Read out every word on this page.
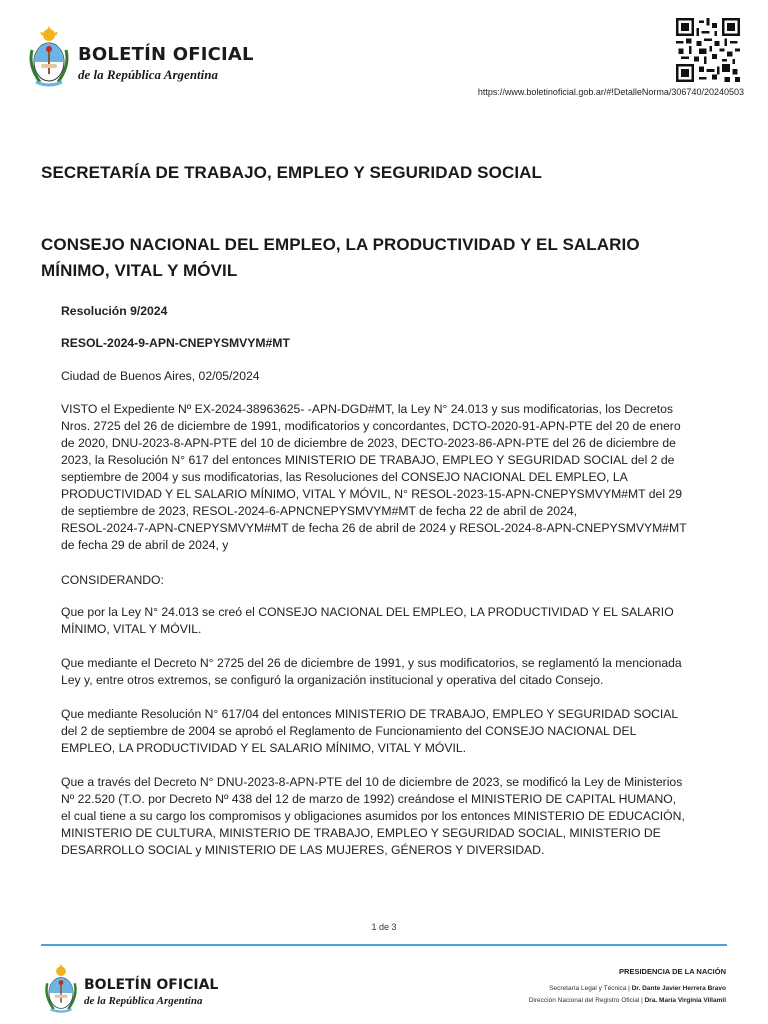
BOLETÍN OFICIAL
de la República Argentina
https://www.boletinoficial.gob.ar/#!DetalleNorma/306740/20240503
SECRETARÍA DE TRABAJO, EMPLEO Y SEGURIDAD SOCIAL
CONSEJO NACIONAL DEL EMPLEO, LA PRODUCTIVIDAD Y EL SALARIO
MÍNIMO, VITAL Y MÓVIL
Resolución 9/2024
RESOL-2024-9-APN-CNEPYSMVYM#MT
Ciudad de Buenos Aires, 02/05/2024
VISTO el Expediente Nº EX-2024-38963625- -APN-DGD#MT, la Ley N° 24.013 y sus modificatorias, los Decretos
Nros. 2725 del 26 de diciembre de 1991, modificatorios y concordantes, DCTO-2020-91-APN-PTE del 20 de enero
de 2020, DNU-2023-8-APN-PTE del 10 de diciembre de 2023, DECTO-2023-86-APN-PTE del 26 de diciembre de
2023, la Resolución N° 617 del entonces MINISTERIO DE TRABAJO, EMPLEO Y SEGURIDAD SOCIAL del 2 de
septiembre de 2004 y sus modificatorias, las Resoluciones del CONSEJO NACIONAL DEL EMPLEO, LA
PRODUCTIVIDAD Y EL SALARIO MÍNIMO, VITAL Y MÓVIL, N° RESOL-2023-15-APN-CNEPYSMVYM#MT del 29
de septiembre de 2023, RESOL-2024-6-APNCNEPYSMVYM#MT de fecha 22 de abril de 2024,
RESOL-2024-7-APN-CNEPYSMVYM#MT de fecha 26 de abril de 2024 y RESOL-2024-8-APN-CNEPYSMVYM#MT
de fecha 29 de abril de 2024, y
CONSIDERANDO:
Que por la Ley N° 24.013 se creó el CONSEJO NACIONAL DEL EMPLEO, LA PRODUCTIVIDAD Y EL SALARIO
MÍNIMO, VITAL Y MÓVIL.
Que mediante el Decreto N° 2725 del 26 de diciembre de 1991, y sus modificatorios, se reglamentó la mencionada
Ley y, entre otros extremos, se configuró la organización institucional y operativa del citado Consejo.
Que mediante Resolución N° 617/04 del entonces MINISTERIO DE TRABAJO, EMPLEO Y SEGURIDAD SOCIAL
del 2 de septiembre de 2004 se aprobó el Reglamento de Funcionamiento del CONSEJO NACIONAL DEL
EMPLEO, LA PRODUCTIVIDAD Y EL SALARIO MÍNIMO, VITAL Y MÓVIL.
Que a través del Decreto N° DNU-2023-8-APN-PTE del 10 de diciembre de 2023, se modificó la Ley de Ministerios
Nº 22.520 (T.O. por Decreto Nº 438 del 12 de marzo de 1992) creándose el MINISTERIO DE CAPITAL HUMANO,
el cual tiene a su cargo los compromisos y obligaciones asumidos por los entonces MINISTERIO DE EDUCACIÓN,
MINISTERIO DE CULTURA, MINISTERIO DE TRABAJO, EMPLEO Y SEGURIDAD SOCIAL, MINISTERIO DE
DESARROLLO SOCIAL y MINISTERIO DE LAS MUJERES, GÉNEROS Y DIVERSIDAD.
1 de 3
BOLETÍN OFICIAL
de la República Argentina
PRESIDENCIA DE LA NACIÓN
Secretaría Legal y Técnica | Dr. Dante Javier Herrera Bravo
Dirección Nacional del Registro Oficial | Dra. María Virginia Villamil
